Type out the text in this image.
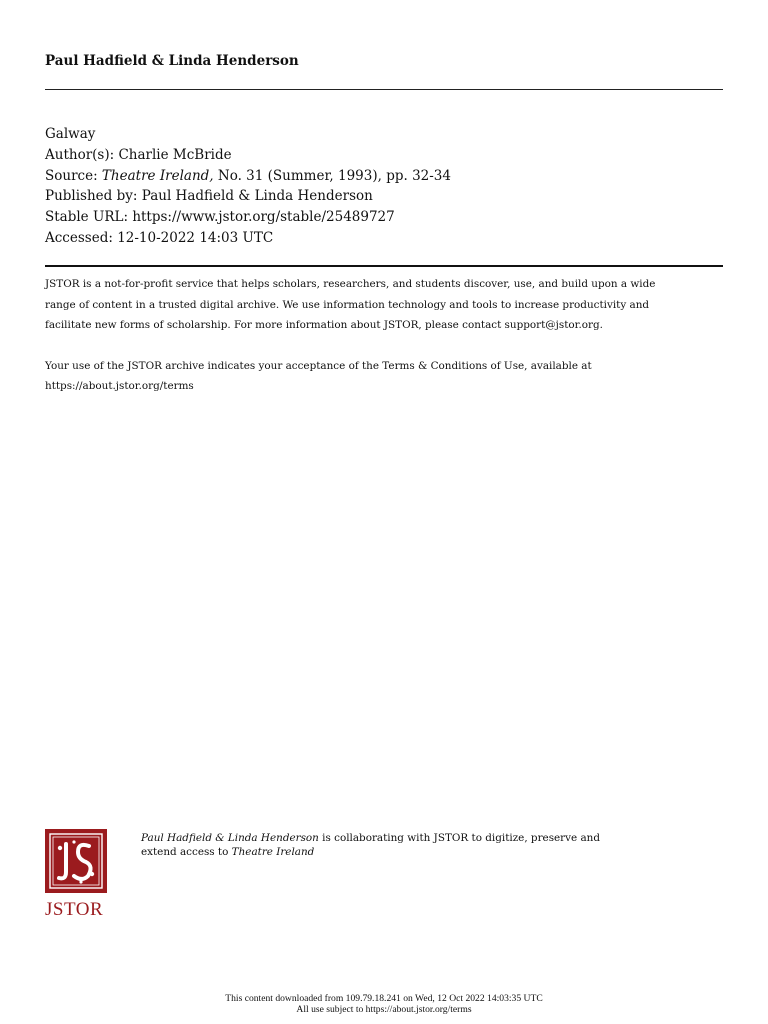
Paul Hadfield & Linda Henderson
Galway
Author(s): Charlie McBride
Source: Theatre Ireland, No. 31 (Summer, 1993), pp. 32-34
Published by: Paul Hadfield & Linda Henderson
Stable URL: https://www.jstor.org/stable/25489727
Accessed: 12-10-2022 14:03 UTC

JSTOR is a not-for-profit service that helps scholars, researchers, and students discover, use, and build upon a wide
range of content in a trusted digital archive. We use information technology and tools to increase productivity and
facilitate new forms of scholarship. For more information about JSTOR, please contact support@jstor.org.

Your use of the JSTOR archive indicates your acceptance of the Terms & Conditions of Use, available at
https://about.jstor.org/terms

JSTOR
Paul Hadfield & Linda Henderson is collaborating with JSTOR to digitize, preserve and
extend access to Theatre Ireland
This content downloaded from 109.79.18.241 on Wed, 12 Oct 2022 14:03:35 UTC
All use subject to https://about.jstor.org/terms
